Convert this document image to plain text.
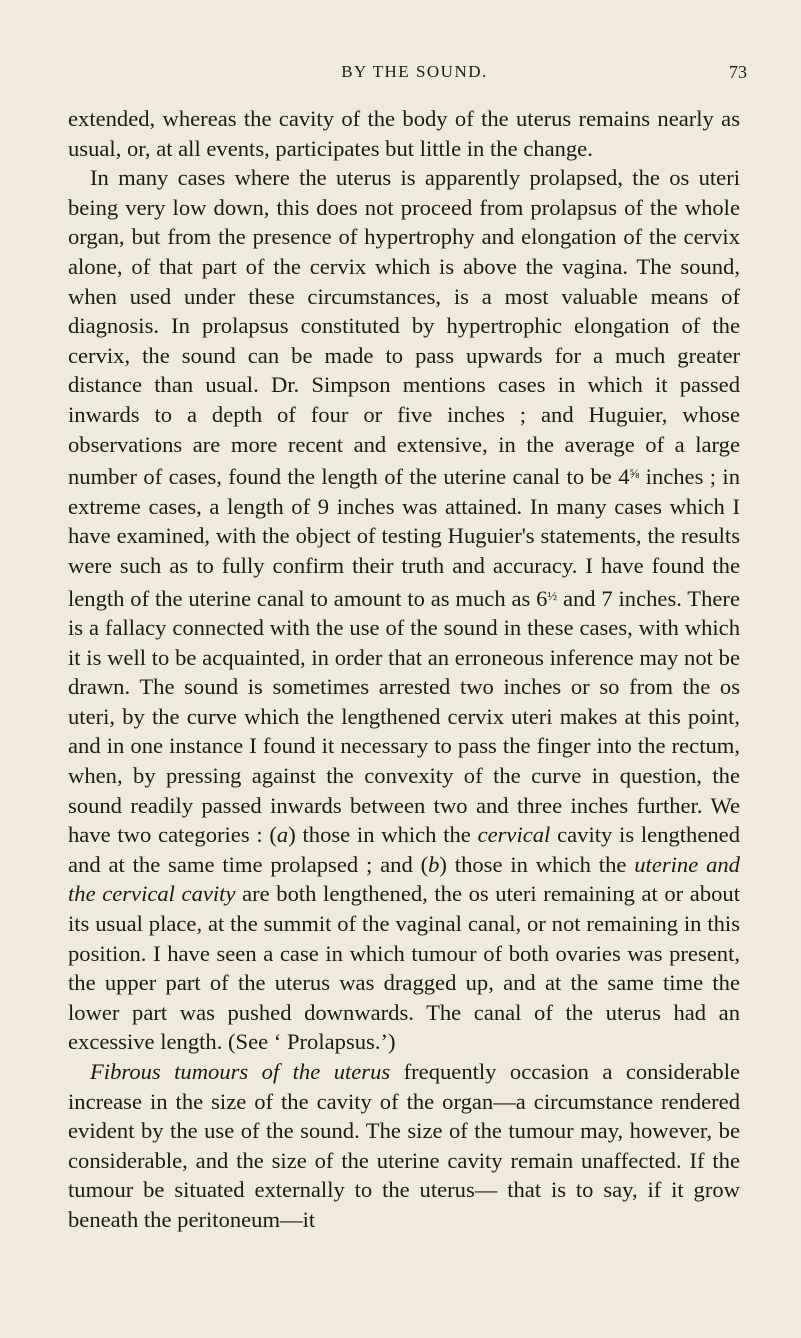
BY THE SOUND.	73

extended, whereas the cavity of the body of the uterus remains nearly as usual, or, at all events, participates but little in the change.

In many cases where the uterus is apparently prolapsed, the os uteri being very low down, this does not proceed from prolapsus of the whole organ, but from the presence of hypertrophy and elongation of the cervix alone, of that part of the cervix which is above the vagina. The sound, when used under these circumstances, is a most valuable means of diagnosis. In prolapsus constituted by hypertrophic elongation of the cervix, the sound can be made to pass upwards for a much greater distance than usual. Dr. Simpson mentions cases in which it passed inwards to a depth of four or five inches ; and Huguier, whose observations are more recent and extensive, in the average of a large number of cases, found the length of the uterine canal to be $4^{\frac{5}{8}}$ inches ; in extreme cases, a length of 9 inches was attained. In many cases which I have examined, with the object of testing Huguier's statements, the results were such as to fully confirm their truth and accuracy. I have found the length of the uterine canal to amount to as much as $6^{\frac{1}{2}}$ and 7 inches. There is a fallacy connected with the use of the sound in these cases, with which it is well to be acquainted, in order that an erroneous inference may not be drawn. The sound is sometimes arrested two inches or so from the os uteri, by the curve which the lengthened cervix uteri makes at this point, and in one instance I found it necessary to pass the finger into the rectum, when, by pressing against the convexity of the curve in question, the sound readily passed inwards between two and three inches further. We have two categories : (a) those in which the cervical cavity is lengthened and at the same time prolapsed ; and (b) those in which the uterine and the cervical cavity are both lengthened, the os uteri remaining at or about its usual place, at the summit of the vaginal canal, or not remaining in this position. I have seen a case in which tumour of both ovaries was present, the upper part of the uterus was dragged up, and at the same time the lower part was pushed downwards. The canal of the uterus had an excessive length. (See ‘ Prolapsus.’)

Fibrous tumours of the uterus frequently occasion a considerable increase in the size of the cavity of the organ—a circumstance rendered evident by the use of the sound. The size of the tumour may, however, be considerable, and the size of the uterine cavity remain unaffected. If the tumour be situated externally to the uterus— that is to say, if it grow beneath the peritoneum—it
